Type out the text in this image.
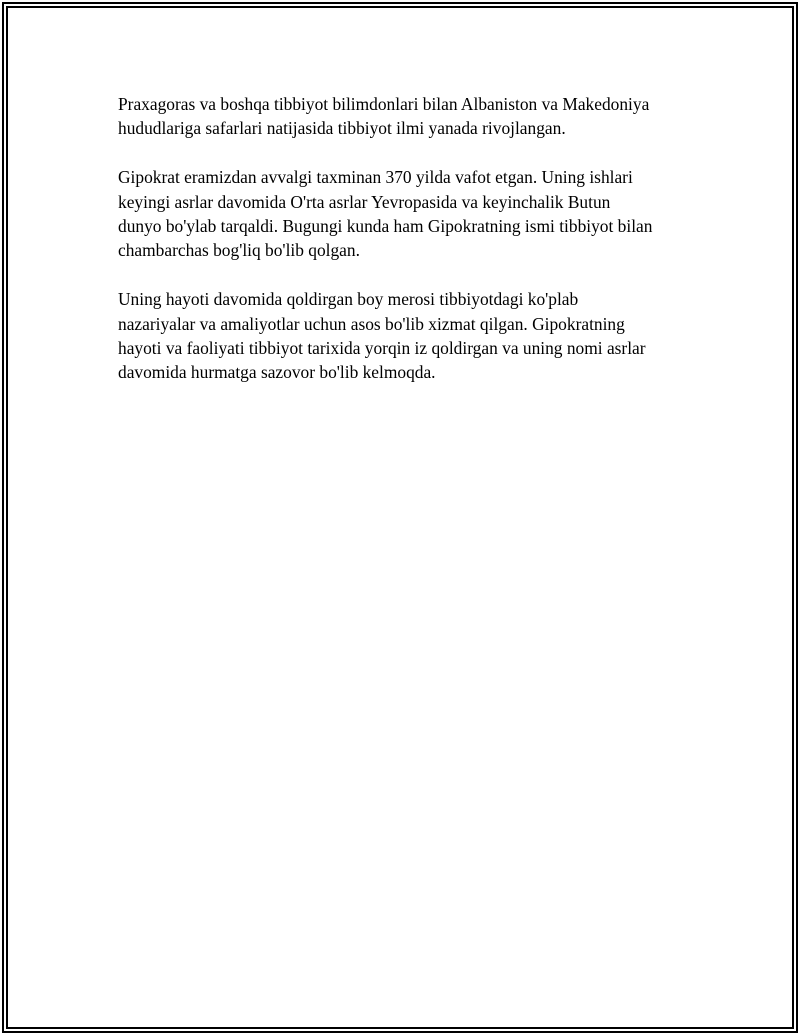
Praxagoras va boshqa tibbiyot bilimdonlari bilan Albaniston va Makedoniya
hududlariga safarlari natijasida tibbiyot ilmi yanada rivojlangan.

Gipokrat eramizdan avvalgi taxminan 370 yilda vafot etgan. Uning ishlari
keyingi asrlar davomida O'rta asrlar Yevropasida va keyinchalik Butun
dunyo bo'ylab tarqaldi. Bugungi kunda ham Gipokratning ismi tibbiyot bilan
chambarchas bog'liq bo'lib qolgan.

Uning hayoti davomida qoldirgan boy merosi tibbiyotdagi ko'plab
nazariyalar va amaliyotlar uchun asos bo'lib xizmat qilgan. Gipokratning
hayoti va faoliyati tibbiyot tarixida yorqin iz qoldirgan va uning nomi asrlar
davomida hurmatga sazovor bo'lib kelmoqda.
